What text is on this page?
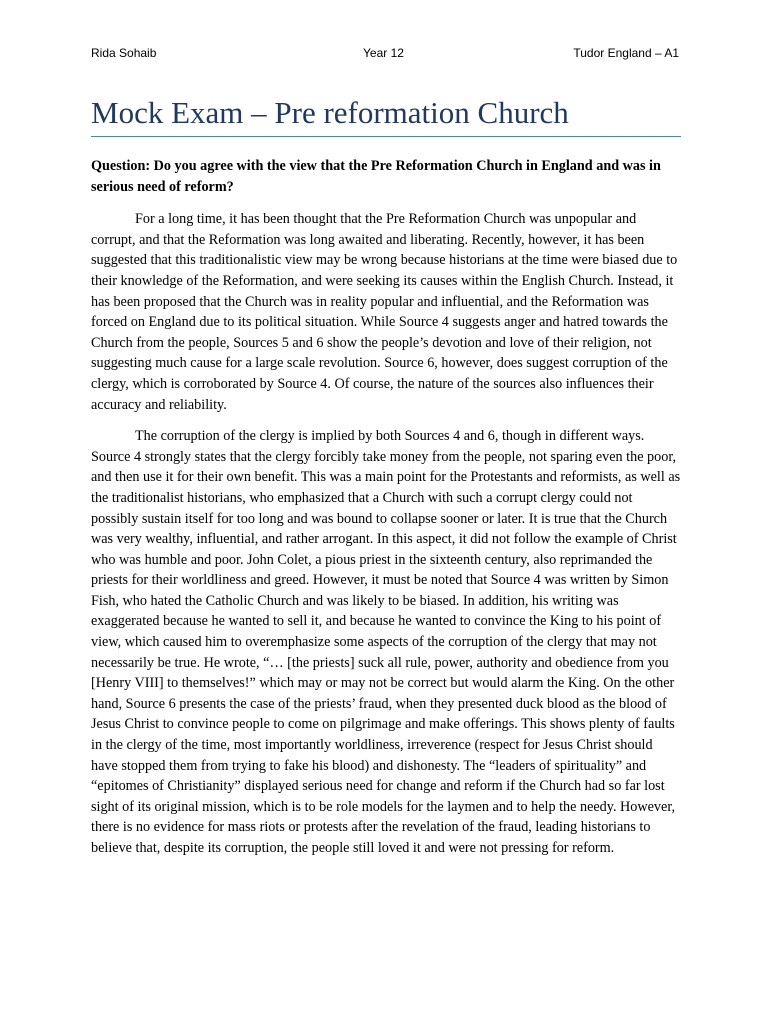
Rida Sohaib	Year 12	Tudor England – A1
Mock Exam – Pre reformation Church

Question: Do you agree with the view that the Pre Reformation Church in England and was in serious need of reform?

For a long time, it has been thought that the Pre Reformation Church was unpopular and corrupt, and that the Reformation was long awaited and liberating. Recently, however, it has been suggested that this traditionalistic view may be wrong because historians at the time were biased due to their knowledge of the Reformation, and were seeking its causes within the English Church. Instead, it has been proposed that the Church was in reality popular and influential, and the Reformation was forced on England due to its political situation. While Source 4 suggests anger and hatred towards the Church from the people, Sources 5 and 6 show the people’s devotion and love of their religion, not suggesting much cause for a large scale revolution. Source 6, however, does suggest corruption of the clergy, which is corroborated by Source 4. Of course, the nature of the sources also influences their accuracy and reliability.

The corruption of the clergy is implied by both Sources 4 and 6, though in different ways. Source 4 strongly states that the clergy forcibly take money from the people, not sparing even the poor, and then use it for their own benefit. This was a main point for the Protestants and reformists, as well as the traditionalist historians, who emphasized that a Church with such a corrupt clergy could not possibly sustain itself for too long and was bound to collapse sooner or later. It is true that the Church was very wealthy, influential, and rather arrogant. In this aspect, it did not follow the example of Christ who was humble and poor. John Colet, a pious priest in the sixteenth century, also reprimanded the priests for their worldliness and greed. However, it must be noted that Source 4 was written by Simon Fish, who hated the Catholic Church and was likely to be biased. In addition, his writing was exaggerated because he wanted to sell it, and because he wanted to convince the King to his point of view, which caused him to overemphasize some aspects of the corruption of the clergy that may not necessarily be true. He wrote, “… [the priests] suck all rule, power, authority and obedience from you [Henry VIII] to themselves!” which may or may not be correct but would alarm the King. On the other hand, Source 6 presents the case of the priests’ fraud, when they presented duck blood as the blood of Jesus Christ to convince people to come on pilgrimage and make offerings. This shows plenty of faults in the clergy of the time, most importantly worldliness, irreverence (respect for Jesus Christ should have stopped them from trying to fake his blood) and dishonesty. The “leaders of spirituality” and “epitomes of Christianity” displayed serious need for change and reform if the Church had so far lost sight of its original mission, which is to be role models for the laymen and to help the needy. However, there is no evidence for mass riots or protests after the revelation of the fraud, leading historians to believe that, despite its corruption, the people still loved it and were not pressing for reform.
